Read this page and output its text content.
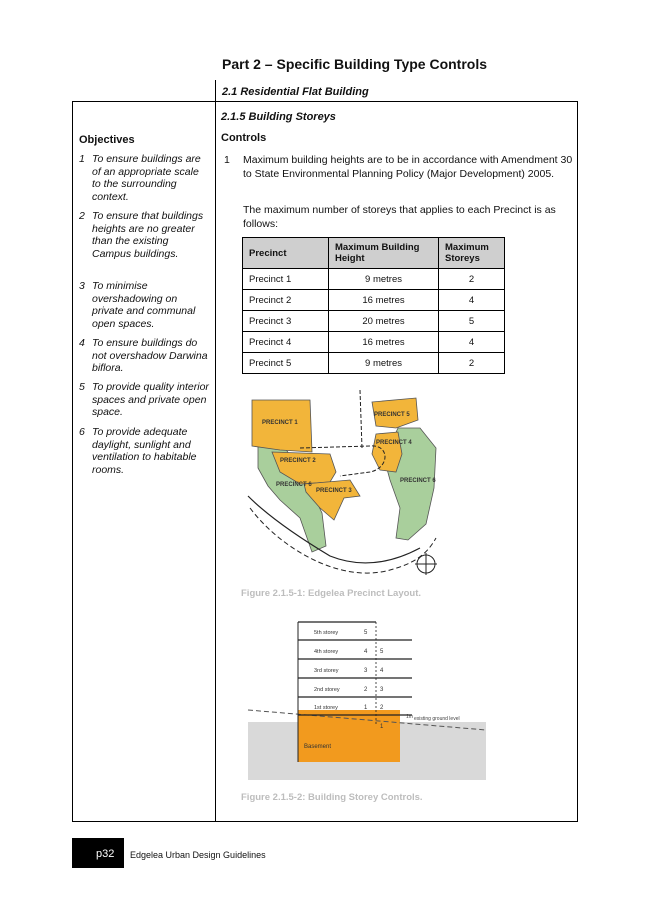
Part 2 – Specific Building Type Controls
2.1 Residential Flat Building
Objectives
1 To ensure buildings are of an appropriate scale to the surrounding context.
2 To ensure that buildings heights are no greater than the existing Campus buildings.
3 To minimise overshadowing on private and communal open spaces.
4 To ensure buildings do not overshadow Darwina biflora.
5 To provide quality interior spaces and private open space.
6 To provide adequate daylight, sunlight and ventilation to habitable rooms.
2.1.5 Building Storeys
Controls
1 Maximum building heights are to be in accordance with Amendment 30 to State Environmental Planning Policy (Major Development) 2005.
The maximum number of storeys that applies to each Precinct is as follows:
Precinct	Maximum Building Height	Maximum Storeys
Precinct 1	9 metres	2
Precinct 2	16 metres	4
Precinct 3	20 metres	5
Precinct 4	16 metres	4
Precinct 5	9 metres	2
PRECINCT 1
PRECINCT 2
PRECINCT 3
PRECINCT 4
PRECINCT 5
PRECINCT 6
PRECINCT 6
Figure 2.1.5-1: Edgelea Precinct Layout.
Basement
existing ground level
1m
5th storey
4th storey
3rd storey
2nd storey
1st storey
5
4
3
2
1
5
4
3
2
1
Figure 2.1.5-2: Building Storey Controls.
p32 Edgelea Urban Design Guidelines
